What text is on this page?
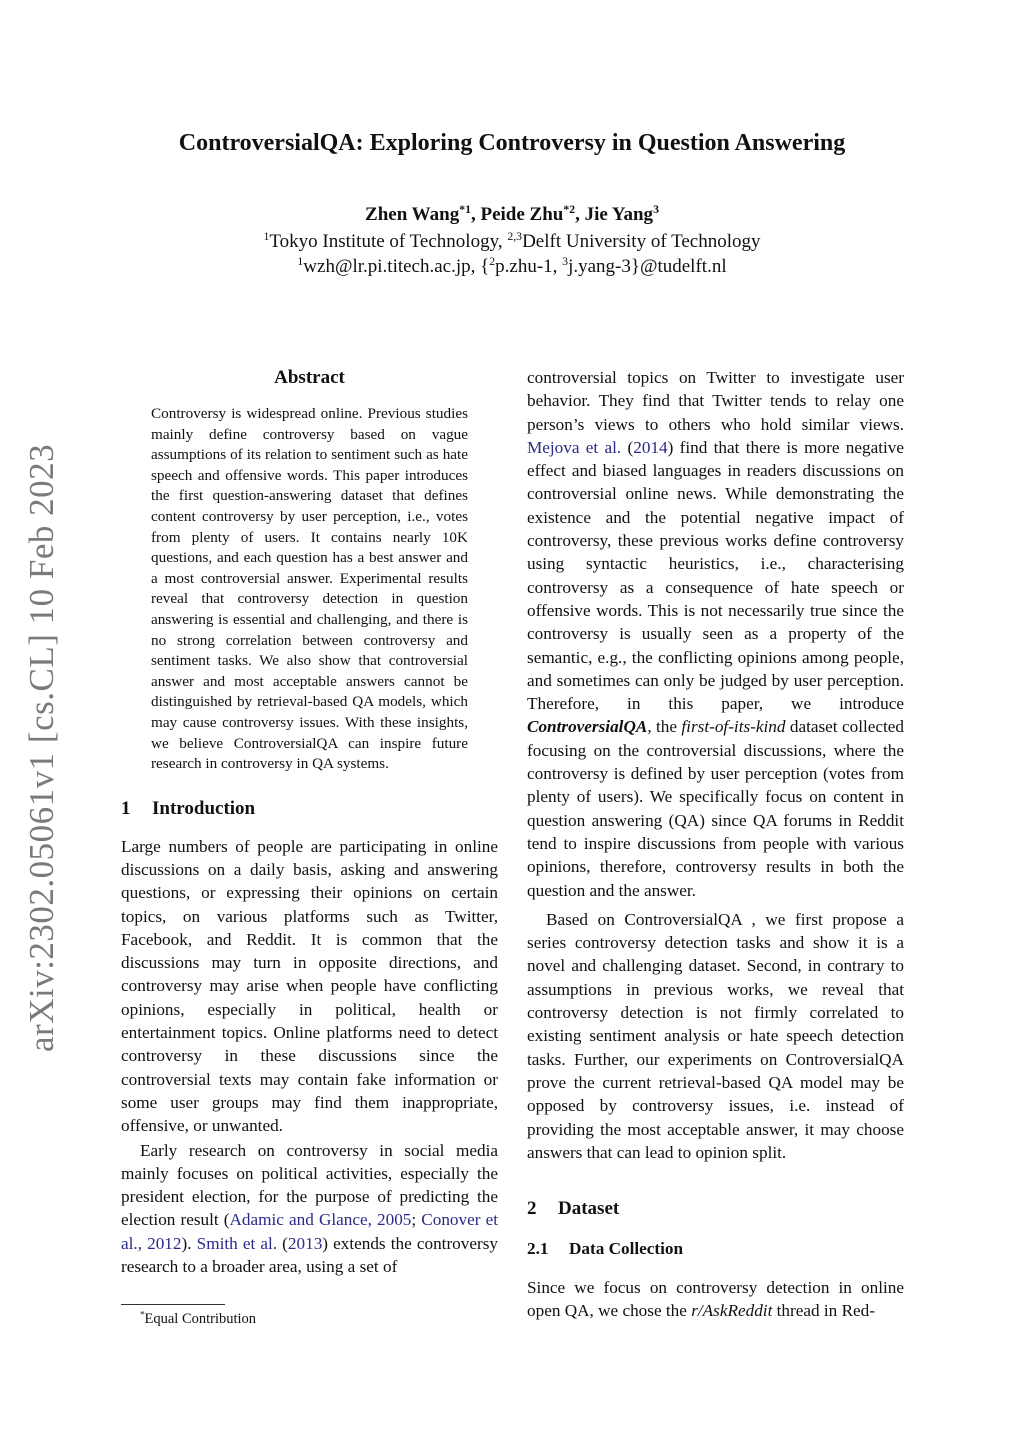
arXiv:2302.05061v1 [cs.CL] 10 Feb 2023
ControversialQA: Exploring Controversy in Question Answering
Zhen Wang$^{*1}$, Peide Zhu$^{*2}$, Jie Yang$^3$
$^1$Tokyo Institute of Technology, $^{2,3}$Delft University of Technology
$^1$wzh@lr.pi.titech.ac.jp, {$^2$p.zhu-1, $^3$j.yang-3}@tudelft.nl
Abstract
Controversy is widespread online. Previous studies mainly define controversy based on vague assumptions of its relation to sentiment such as hate speech and offensive words. This paper introduces the first question-answering dataset that defines content controversy by user perception, i.e., votes from plenty of users. It contains nearly 10K questions, and each question has a best answer and a most controversial answer. Experimental results reveal that controversy detection in question answering is essential and challenging, and there is no strong correlation between controversy and sentiment tasks. We also show that controversial answer and most acceptable answers cannot be distinguished by retrieval-based QA models, which may cause controversy issues. With these insights, we believe ControversialQA can inspire future research in controversy in QA systems.
1 Introduction

Large numbers of people are participating in online discussions on a daily basis, asking and answering questions, or expressing their opinions on certain topics, on various platforms such as Twitter, Facebook, and Reddit. It is common that the discussions may turn in opposite directions, and controversy may arise when people have conflicting opinions, especially in political, health or entertainment topics. Online platforms need to detect controversy in these discussions since the controversial texts may contain fake information or some user groups may find them inappropriate, offensive, or unwanted.

Early research on controversy in social media mainly focuses on political activities, especially the president election, for the purpose of predicting the election result (Adamic and Glance, 2005; Conover et al., 2012). Smith et al. (2013) extends the controversy research to a broader area, using a set of

controversial topics on Twitter to investigate user behavior. They find that Twitter tends to relay one person’s views to others who hold similar views. Mejova et al. (2014) find that there is more negative effect and biased languages in readers discussions on controversial online news. While demonstrating the existence and the potential negative impact of controversy, these previous works define controversy using syntactic heuristics, i.e., characterising controversy as a consequence of hate speech or offensive words. This is not necessarily true since the controversy is usually seen as a property of the semantic, e.g., the conflicting opinions among people, and sometimes can only be judged by user perception. Therefore, in this paper, we introduce ControversialQA, the first-of-its-kind dataset collected focusing on the controversial discussions, where the controversy is defined by user perception (votes from plenty of users). We specifically focus on content in question answering (QA) since QA forums in Reddit tend to inspire discussions from people with various opinions, therefore, controversy results in both the question and the answer.

Based on ControversialQA , we first propose a series controversy detection tasks and show it is a novel and challenging dataset. Second, in contrary to assumptions in previous works, we reveal that controversy detection is not firmly correlated to existing sentiment analysis or hate speech detection tasks. Further, our experiments on ControversialQA prove the current retrieval-based QA model may be opposed by controversy issues, i.e. instead of providing the most acceptable answer, it may choose answers that can lead to opinion split.

2 Dataset
2.1 Data Collection

Since we focus on controversy detection in online open QA, we chose the r/AskReddit thread in Red-

*Equal Contribution
